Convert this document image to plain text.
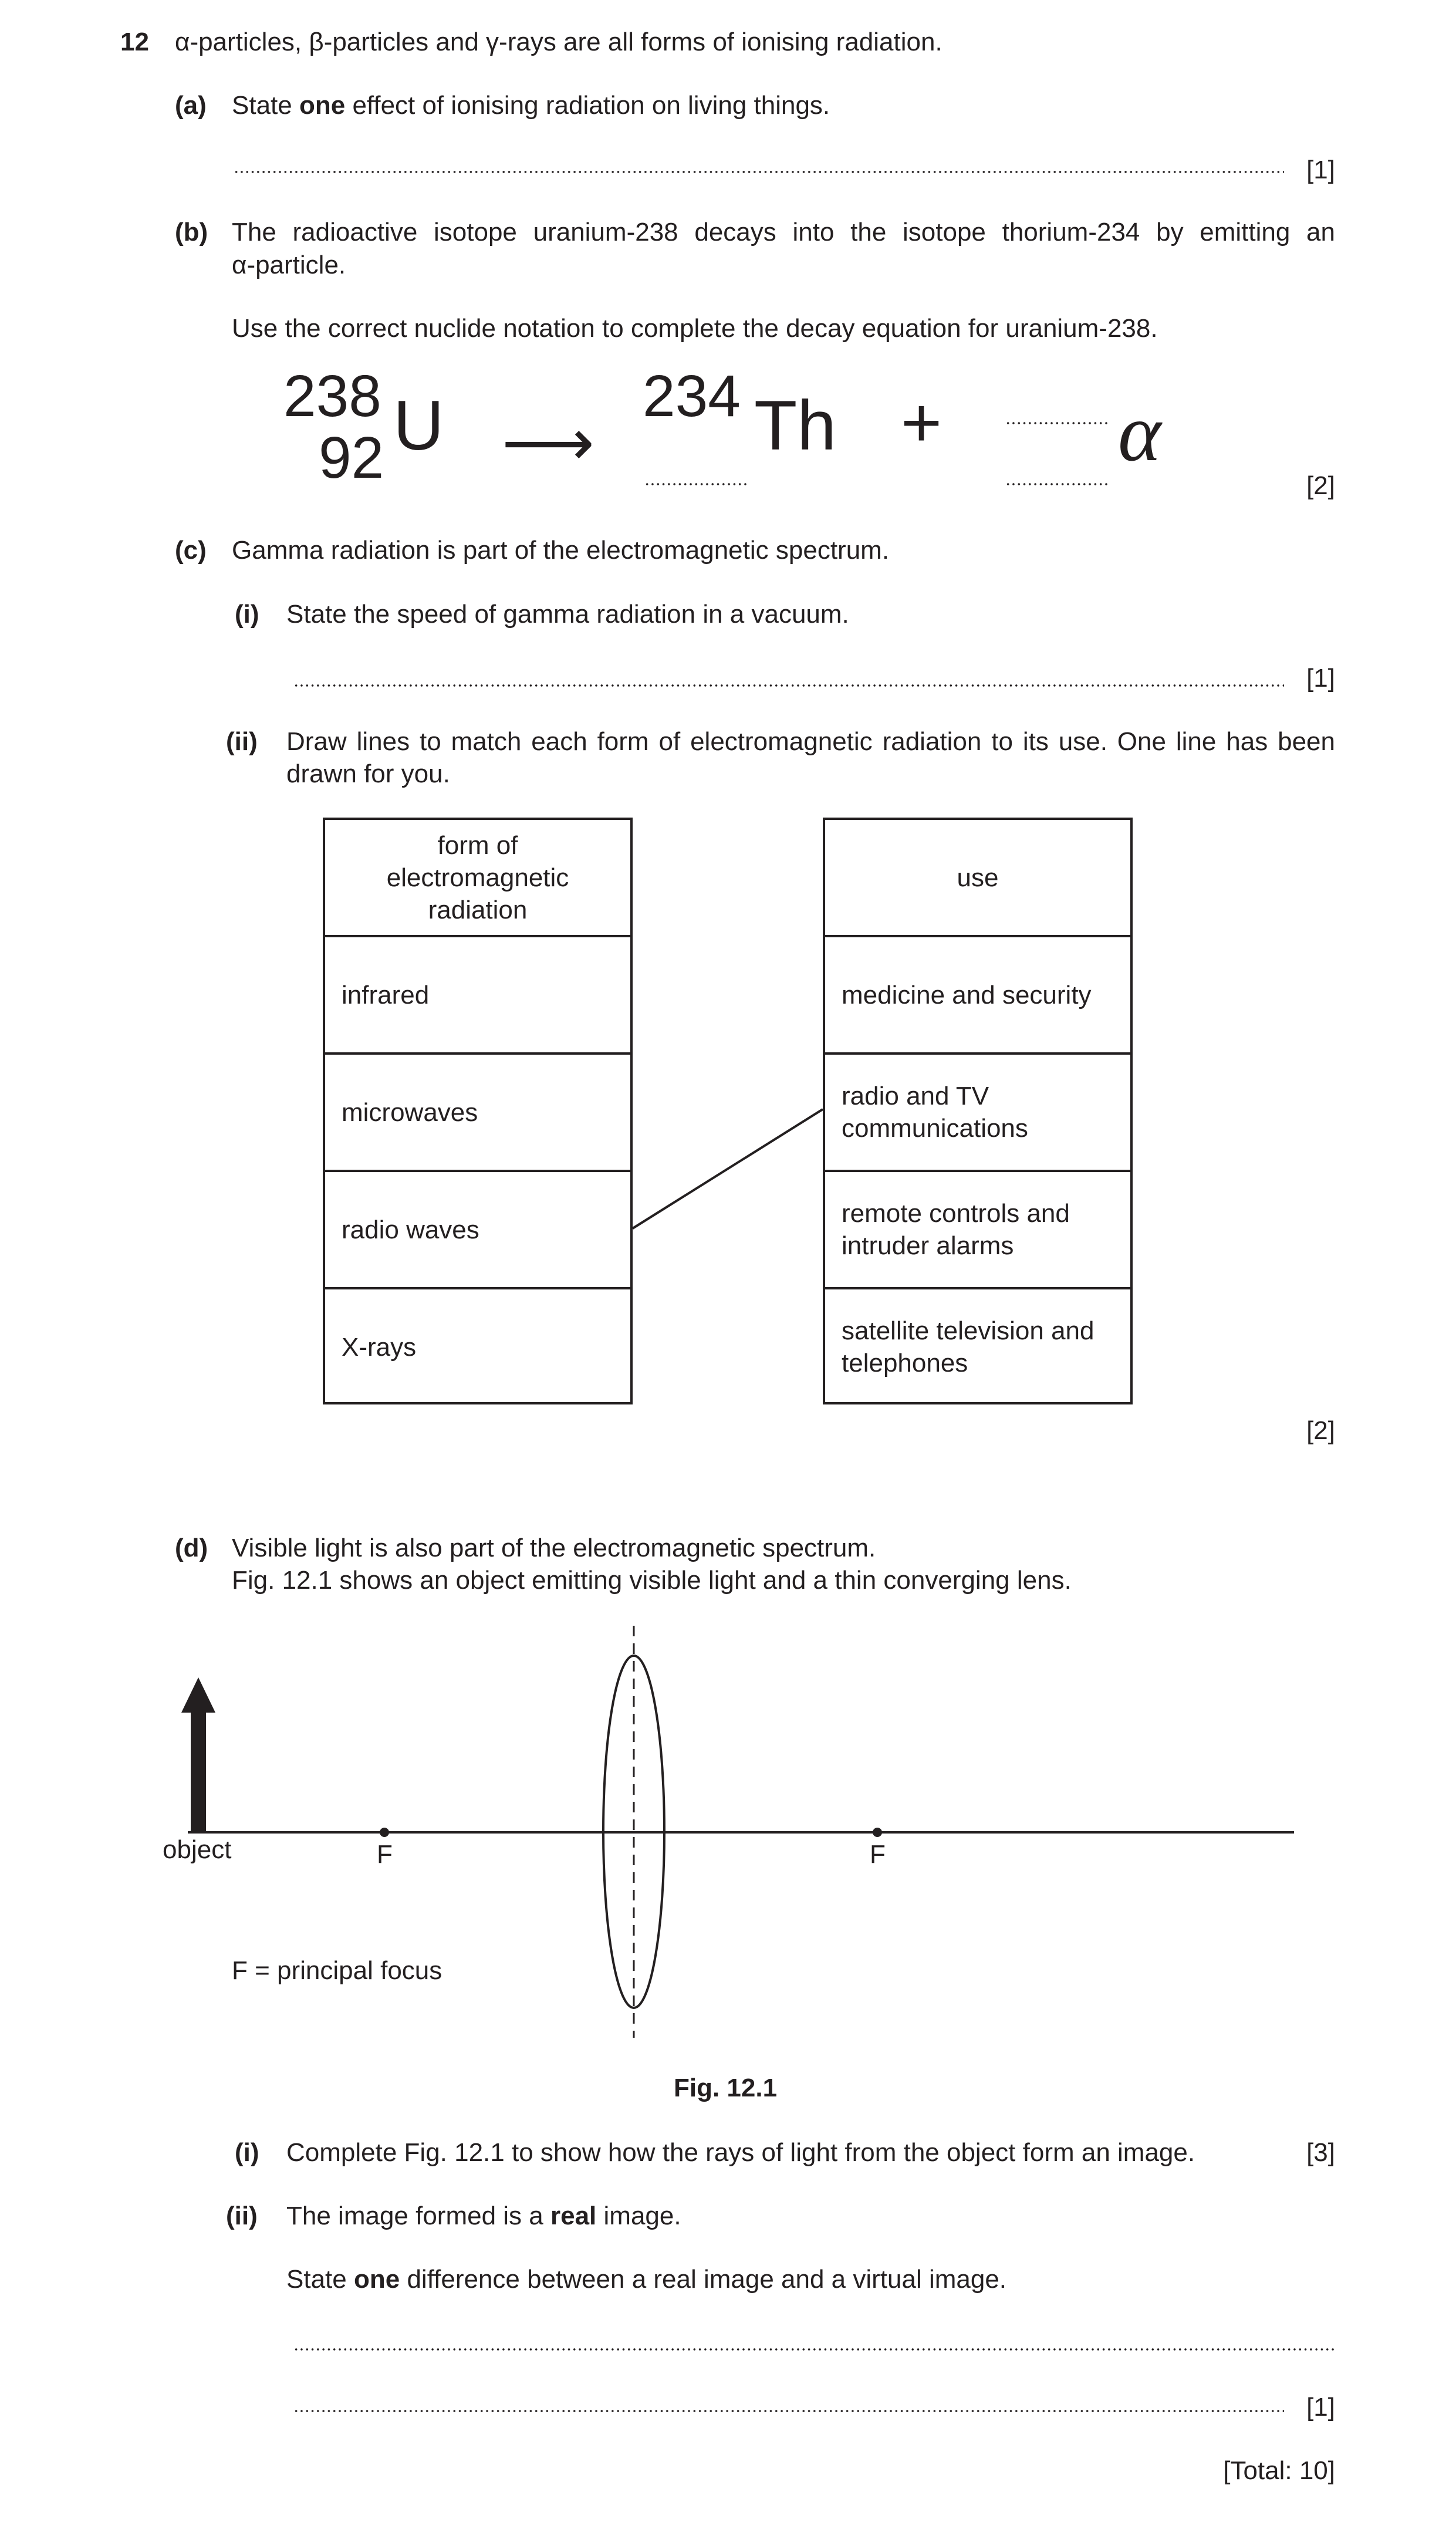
12 α-particles, β-particles and γ-rays are all forms of ionising radiation.
(a) State one effect of ionising radiation on living things.
[1]
(b) The radioactive isotope uranium-238 decays into the isotope thorium-234 by emitting an
α-particle.
Use the correct nuclide notation to complete the decay equation for uranium-238.
238
92 U ⟶
234 Th + α
[2]
(c) Gamma radiation is part of the electromagnetic spectrum.
(i) State the speed of gamma radiation in a vacuum.
[1]
(ii) Draw lines to match each form of electromagnetic radiation to its use. One line has been
drawn for you.
form of
electromagnetic
radiation
infrared
microwaves
radio waves
X-rays
use
medicine and security
radio and TV
communications
remote controls and
intruder alarms
satellite television and
telephones
[2]
(d) Visible light is also part of the electromagnetic spectrum.
Fig. 12.1 shows an object emitting visible light and a thin converging lens.
object	F	F
F = principal focus
Fig. 12.1
(i) Complete Fig. 12.1 to show how the rays of light from the object form an image.	[3]
(ii) The image formed is a real image.
State one difference between a real image and a virtual image.
[1]
[Total: 10]
